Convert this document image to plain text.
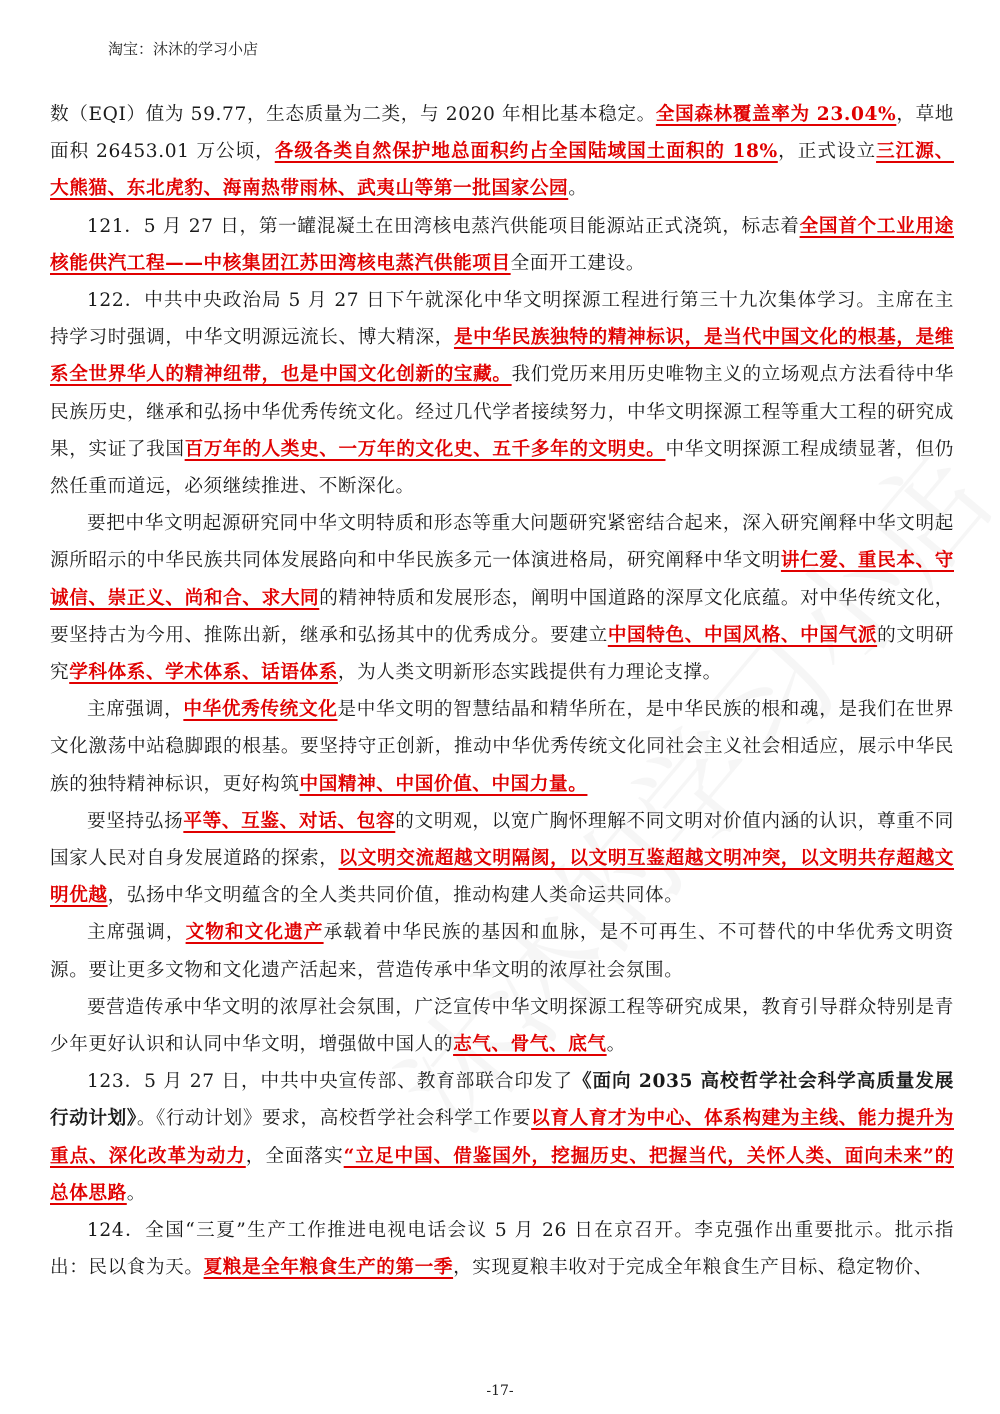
淘宝：沐沐的学习小店

数（EQI）值为 59.77，生态质量为二类，与 2020 年相比基本稳定。全国森林覆盖率为 23.04%，草地面积 26453.01 万公顷，各级各类自然保护地总面积约占全国陆域国土面积的 18%，正式设立三江源、大熊猫、东北虎豹、海南热带雨林、武夷山等第一批国家公园。

121．5 月 27 日，第一罐混凝土在田湾核电蒸汽供能项目能源站正式浇筑，标志着全国首个工业用途核能供汽工程——中核集团江苏田湾核电蒸汽供能项目全面开工建设。

122．中共中央政治局 5 月 27 日下午就深化中华文明探源工程进行第三十九次集体学习。主席在主持学习时强调，中华文明源远流长、博大精深，是中华民族独特的精神标识，是当代中国文化的根基，是维系全世界华人的精神纽带，也是中国文化创新的宝藏。我们党历来用历史唯物主义的立场观点方法看待中华民族历史，继承和弘扬中华优秀传统文化。经过几代学者接续努力，中华文明探源工程等重大工程的研究成果，实证了我国百万年的人类史、一万年的文化史、五千多年的文明史。中华文明探源工程成绩显著，但仍然任重而道远，必须继续推进、不断深化。

要把中华文明起源研究同中华文明特质和形态等重大问题研究紧密结合起来，深入研究阐释中华文明起源所昭示的中华民族共同体发展路向和中华民族多元一体演进格局，研究阐释中华文明讲仁爱、重民本、守诚信、崇正义、尚和合、求大同的精神特质和发展形态，阐明中国道路的深厚文化底蕴。对中华传统文化，要坚持古为今用、推陈出新，继承和弘扬其中的优秀成分。要建立中国特色、中国风格、中国气派的文明研究学科体系、学术体系、话语体系，为人类文明新形态实践提供有力理论支撑。

主席强调，中华优秀传统文化是中华文明的智慧结晶和精华所在，是中华民族的根和魂，是我们在世界文化激荡中站稳脚跟的根基。要坚持守正创新，推动中华优秀传统文化同社会主义社会相适应，展示中华民族的独特精神标识，更好构筑中国精神、中国价值、中国力量。

要坚持弘扬平等、互鉴、对话、包容的文明观，以宽广胸怀理解不同文明对价值内涵的认识，尊重不同国家人民对自身发展道路的探索，以文明交流超越文明隔阂，以文明互鉴超越文明冲突，以文明共存超越文明优越，弘扬中华文明蕴含的全人类共同价值，推动构建人类命运共同体。

主席强调，文物和文化遗产承载着中华民族的基因和血脉，是不可再生、不可替代的中华优秀文明资源。要让更多文物和文化遗产活起来，营造传承中华文明的浓厚社会氛围。

要营造传承中华文明的浓厚社会氛围，广泛宣传中华文明探源工程等研究成果，教育引导群众特别是青少年更好认识和认同中华文明，增强做中国人的志气、骨气、底气。

123．5 月 27 日，中共中央宣传部、教育部联合印发了《面向 2035 高校哲学社会科学高质量发展行动计划》。《行动计划》要求，高校哲学社会科学工作要以育人育才为中心、体系构建为主线、能力提升为重点、深化改革为动力，全面落实“立足中国、借鉴国外，挖掘历史、把握当代，关怀人类、面向未来”的总体思路。

124．全国“三夏”生产工作推进电视电话会议 5 月 26 日在京召开。李克强作出重要批示。批示指出：民以食为天。夏粮是全年粮食生产的第一季，实现夏粮丰收对于完成全年粮食生产目标、稳定物价、

-17-
